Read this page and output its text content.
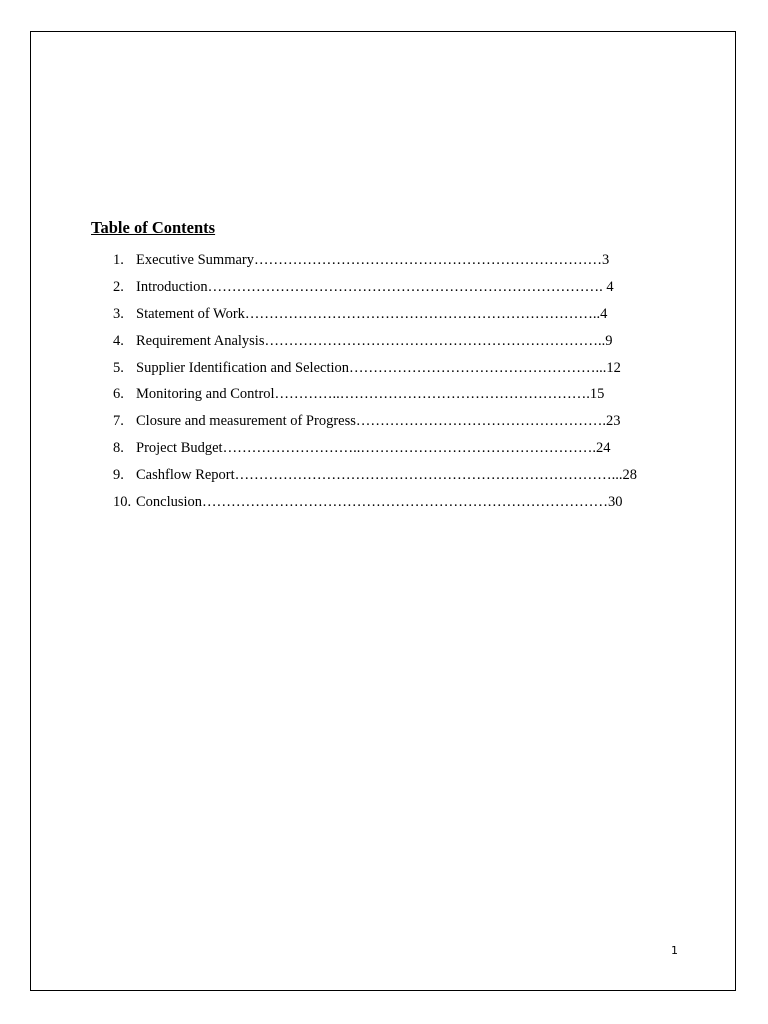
Table of Contents
1. Executive Summary………………………………………………………………3
2. Introduction………………………………………………………………………. 4
3. Statement of Work………………………………………………………………..4
4. Requirement Analysis……………………………………………………………..9
5. Supplier Identification and Selection……………………………………………...12
6. Monitoring and Control…………..…………………………………………….15
7. Closure and measurement of Progress…………………………………………….23
8. Project Budget………………………..………………………………………….24
9. Cashflow Report……………………………………………………………………...28
10. Conclusion…………………………………………………………………………30
1
